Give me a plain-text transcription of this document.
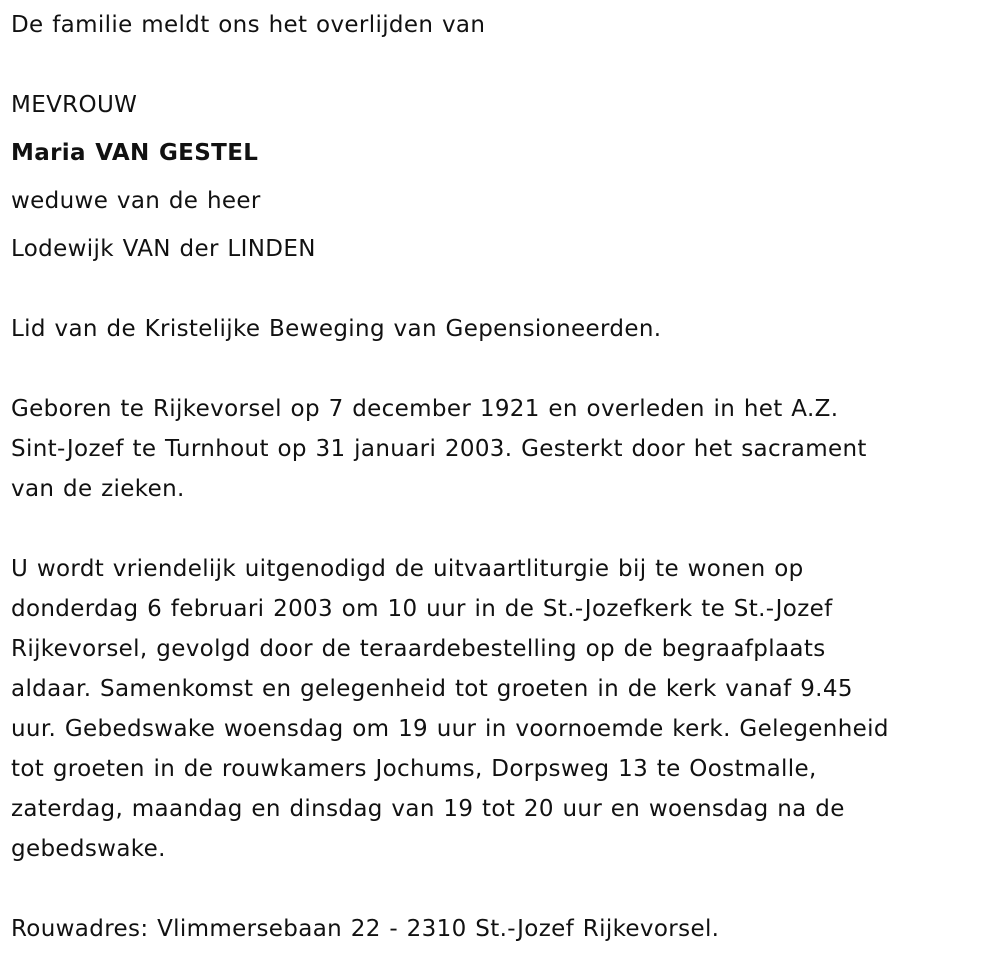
De familie meldt ons het overlijden van
MEVROUW
Maria VAN GESTEL
weduwe van de heer
Lodewijk VAN der LINDEN
Lid van de Kristelijke Beweging van Gepensioneerden.
Geboren te Rijkevorsel op 7 december 1921 en overleden in het A.Z.
Sint-Jozef te Turnhout op 31 januari 2003. Gesterkt door het sacrament
van de zieken.
U wordt vriendelijk uitgenodigd de uitvaartliturgie bij te wonen op
donderdag 6 februari 2003 om 10 uur in de St.-Jozefkerk te St.-Jozef
Rijkevorsel, gevolgd door de teraardebestelling op de begraafplaats
aldaar. Samenkomst en gelegenheid tot groeten in de kerk vanaf 9.45
uur. Gebedswake woensdag om 19 uur in voornoemde kerk. Gelegenheid
tot groeten in de rouwkamers Jochums, Dorpsweg 13 te Oostmalle,
zaterdag, maandag en dinsdag van 19 tot 20 uur en woensdag na de
gebedswake.
Rouwadres: Vlimmersebaan 22 - 2310 St.-Jozef Rijkevorsel.
